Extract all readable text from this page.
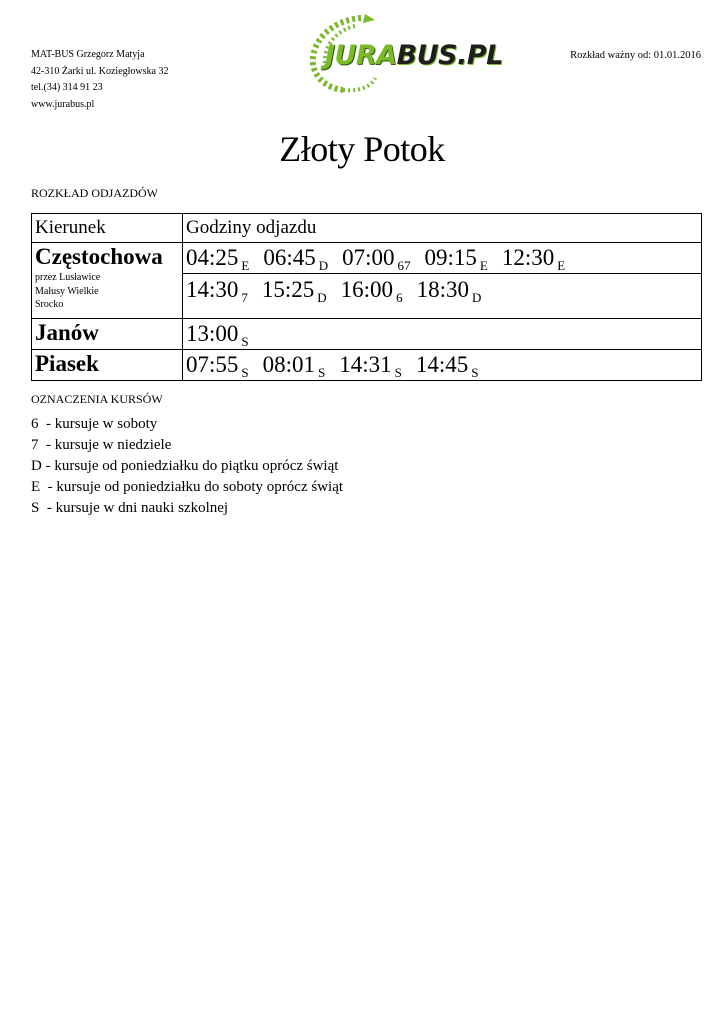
MAT-BUS Grzegorz Matyja
42-310 Żarki ul. Koziegłowska 32
tel.(34) 314 91 23
www.jurabus.pl
JURABUS.PL	Rozkład ważny od: 01.01.2016
Złoty Potok
ROZKŁAD ODJAZDÓW
Kierunek	Godziny odjazdu
Częstochowa
przez Lusławice
Małusy Wielkie
Srocko
04:25 $_E$ 06:45 $_D$ 07:00 $_{67}$ 09:15 $_E$ 12:30 $_E$
14:30 $_7$ 15:25 $_D$ 16:00 $_6$ 18:30 $_D$
Janów	13:00 $_S$
Piasek	07:55 $_S$ 08:01 $_S$ 14:31 $_S$ 14:45 $_S$
OZNACZENIA KURSÓW
6  - kursuje w soboty
7  - kursuje w niedziele
D - kursuje od poniedziałku do piątku oprócz świąt
E  - kursuje od poniedziałku do soboty oprócz świąt
S  - kursuje w dni nauki szkolnej
